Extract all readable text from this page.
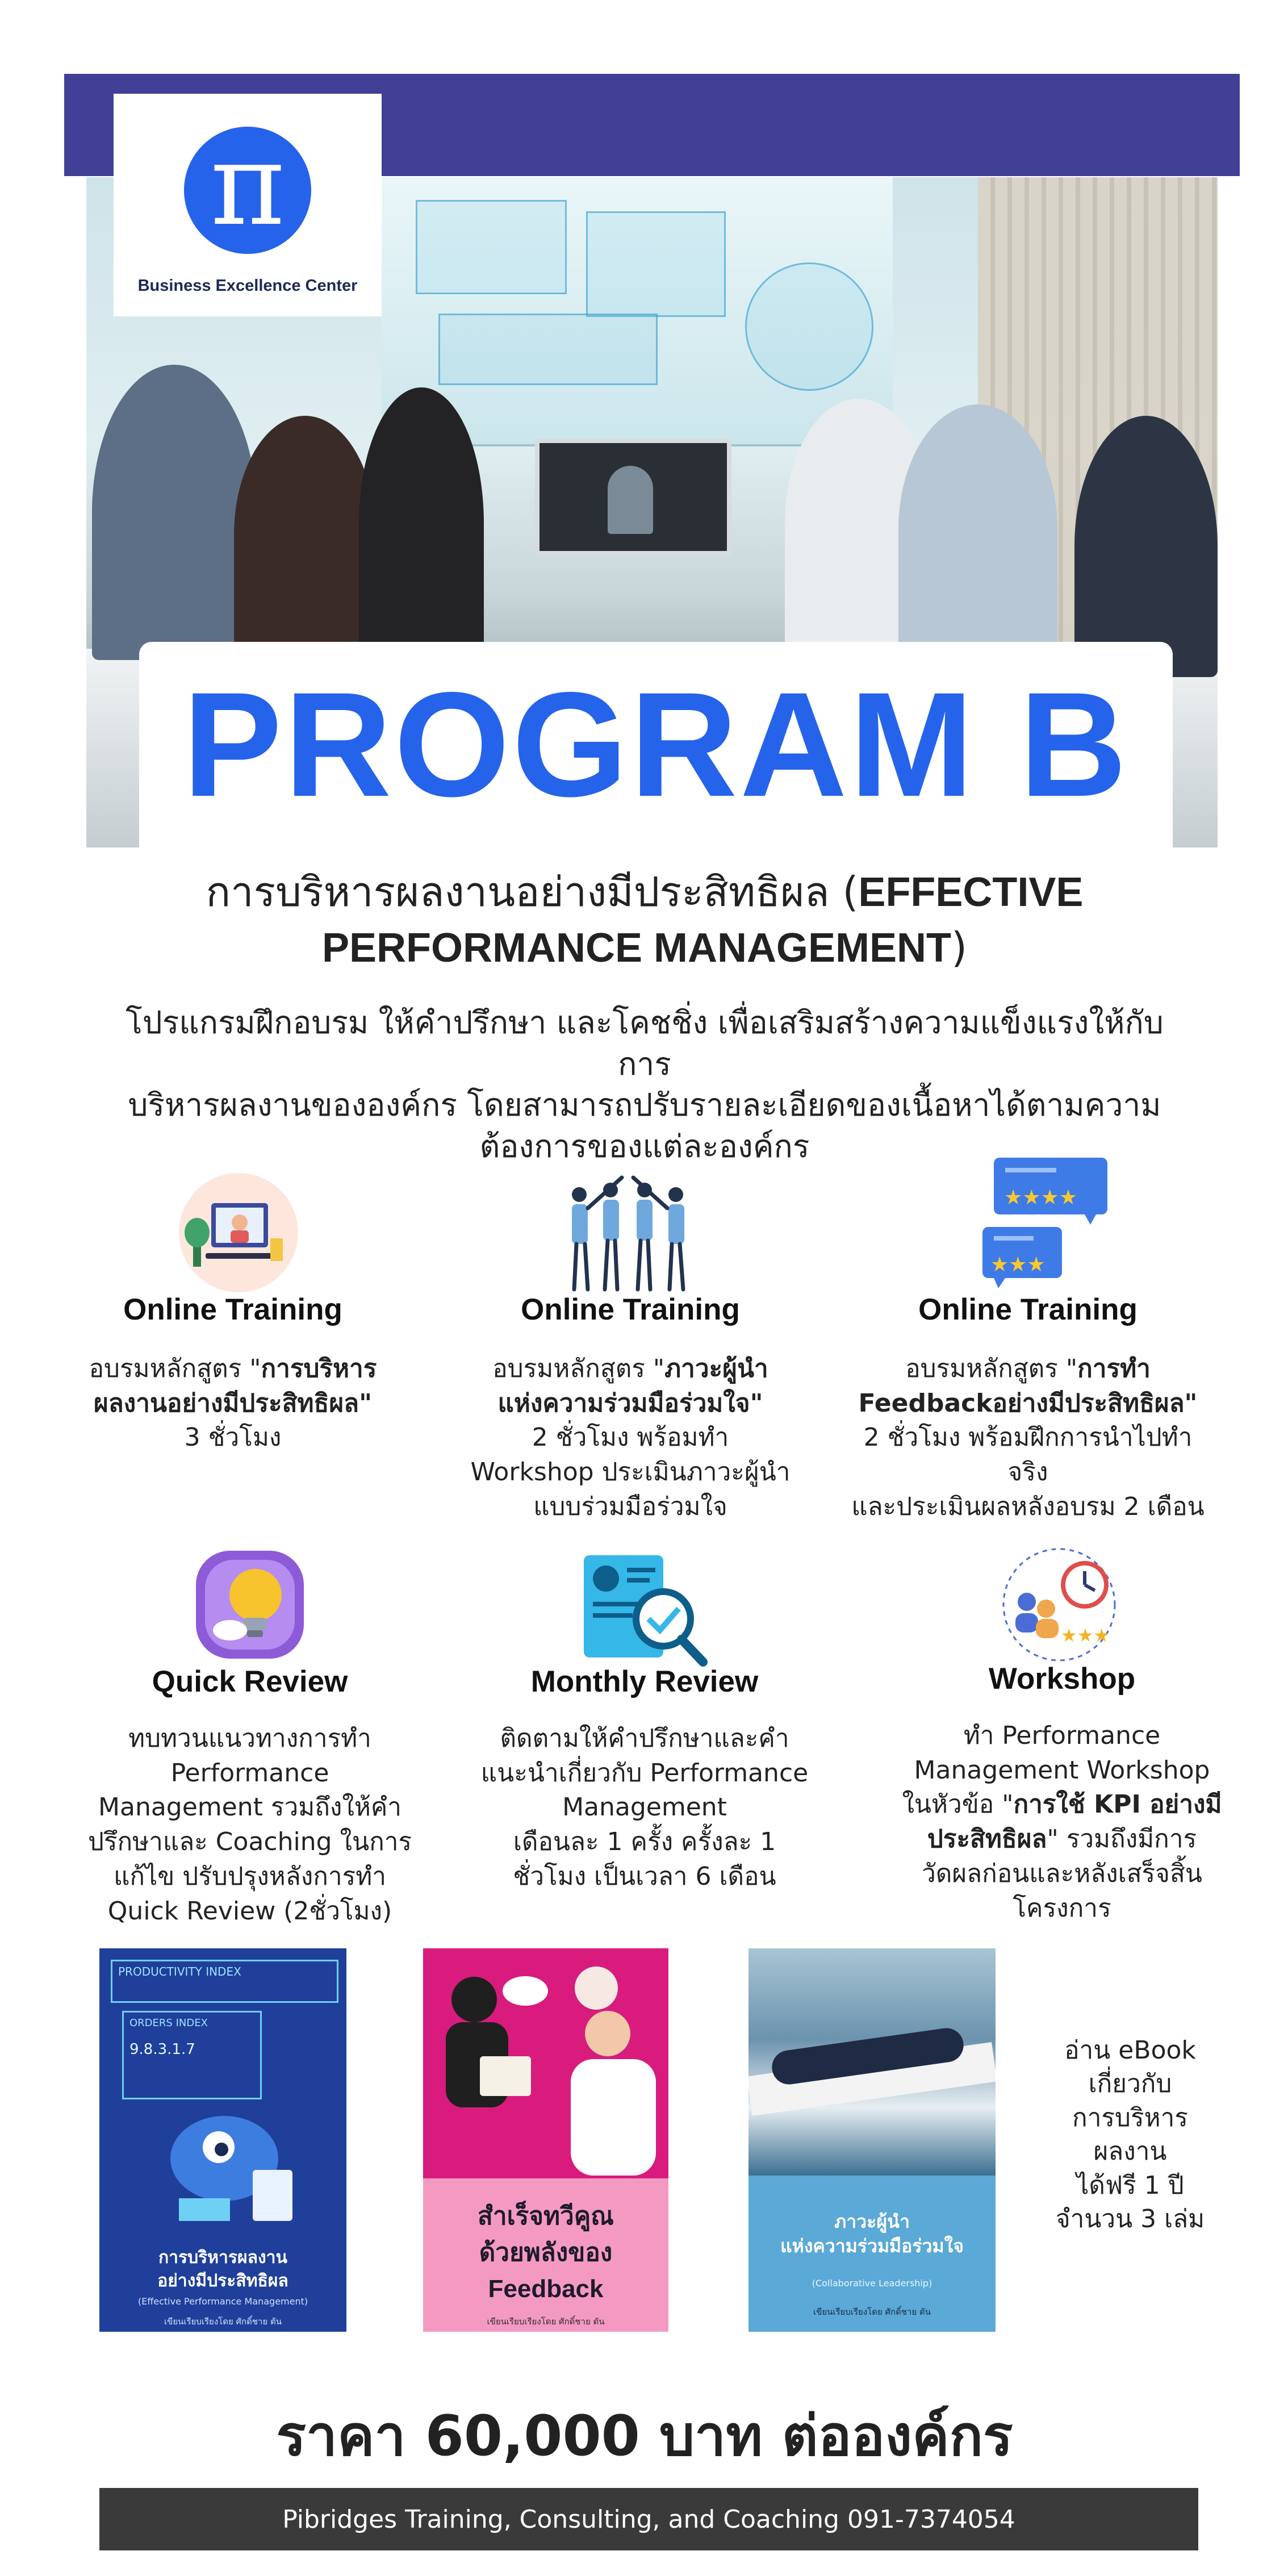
π
Business Excellence Center
PROGRAM B
การบริหารผลงานอย่างมีประสิทธิผล (EFFECTIVE PERFORMANCE MANAGEMENT)
โปรแกรมฝึกอบรม ให้คำปรึกษา และโคชชิ่ง เพื่อเสริมสร้างความแข็งแรงให้กับการ
บริหารผลงานขององค์กร โดยสามารถปรับรายละเอียดของเนื้อหาได้ตามความ
ต้องการของแต่ละองค์กร
★★★★
★★★
Online Training
อบรมหลักสูตร "การบริหาร
ผลงานอย่างมีประสิทธิผล"
3 ชั่วโมง
Online Training
อบรมหลักสูตร "ภาวะผู้นำ
แห่งความร่วมมือร่วมใจ"
2 ชั่วโมง พร้อมทำ
Workshop ประเมินภาวะผู้นำ
แบบร่วมมือร่วมใจ
Online Training
อบรมหลักสูตร "การทำ
Feedbackอย่างมีประสิทธิผล"
2 ชั่วโมง พร้อมฝึกการนำไปทำจริง
และประเมินผลหลังอบรม 2 เดือน
★★★
Quick Review
ทบทวนแนวทางการทำ
Performance
Management รวมถึงให้คำ
ปรึกษาและ Coaching ในการ
แก้ไข ปรับปรุงหลังการทำ
Quick Review (2ชั่วโมง)
Monthly Review
ติดตามให้คำปรึกษาและคำ
แนะนำเกี่ยวกับ Performance
Management
เดือนละ 1 ครั้ง ครั้งละ 1
ชั่วโมง เป็นเวลา 6 เดือน
Workshop
ทำ Performance
Management Workshop
ในหัวข้อ "การใช้ KPI อย่างมี
ประสิทธิผล" รวมถึงมีการ
วัดผลก่อนและหลังเสร็จสิ้น
โครงการ
PRODUCTIVITY INDEX
ORDERS INDEX
9.8.3.1.7
การบริหารผลงาน
อย่างมีประสิทธิผล
(Effective Performance Management)
เขียนเรียบเรียงโดย ศักดิ์ชาย ตัน
สำเร็จทวีคูณ
ด้วยพลังของ
Feedback
เขียนเรียบเรียงโดย ศักดิ์ชาย ตัน
ภาวะผู้นำ
แห่งความร่วมมือร่วมใจ
(Collaborative Leadership)
เขียนเรียบเรียงโดย ศักดิ์ชาย ตัน
อ่าน eBook
เกี่ยวกับ
การบริหาร
ผลงาน
ได้ฟรี 1 ปี
จำนวน 3 เล่ม
ราคา 60,000 บาท ต่อองค์กร
Pibridges Training, Consulting, and Coaching 091-7374054
